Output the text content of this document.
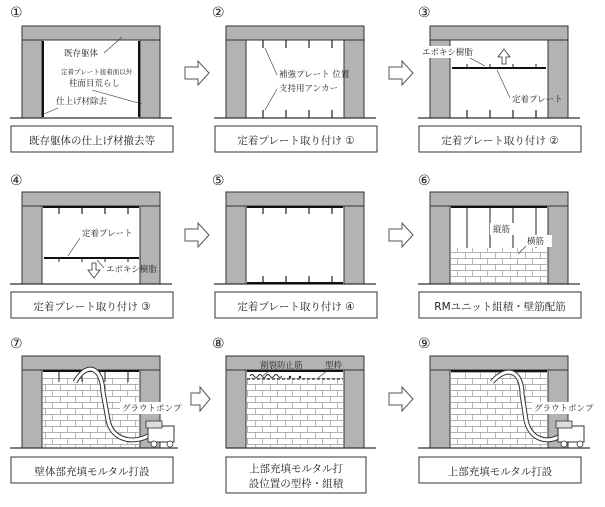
①
既存躯体
定着プレート接着面以外
柱面目荒らし
仕上げ材除去
既存躯体の仕上げ材撤去等
②
補強プレート 位置
支持用アンカー
定着プレート取り付け ①
③
エポキシ樹脂
定着プレート
定着プレート取り付け ②
④
定着プレート
エポキシ樹脂
定着プレート取り付け ③
⑤
定着プレート取り付け ④
⑥
縦筋
横筋
RMユニット組積・壁筋配筋
⑦
グラウトポンプ
壁体部充填モルタル打設
⑧
割裂防止筋	型枠
上部充填モルタル打
設位置の型枠・組積
⑨
グラウトポンプ
上部充填モルタル打設
